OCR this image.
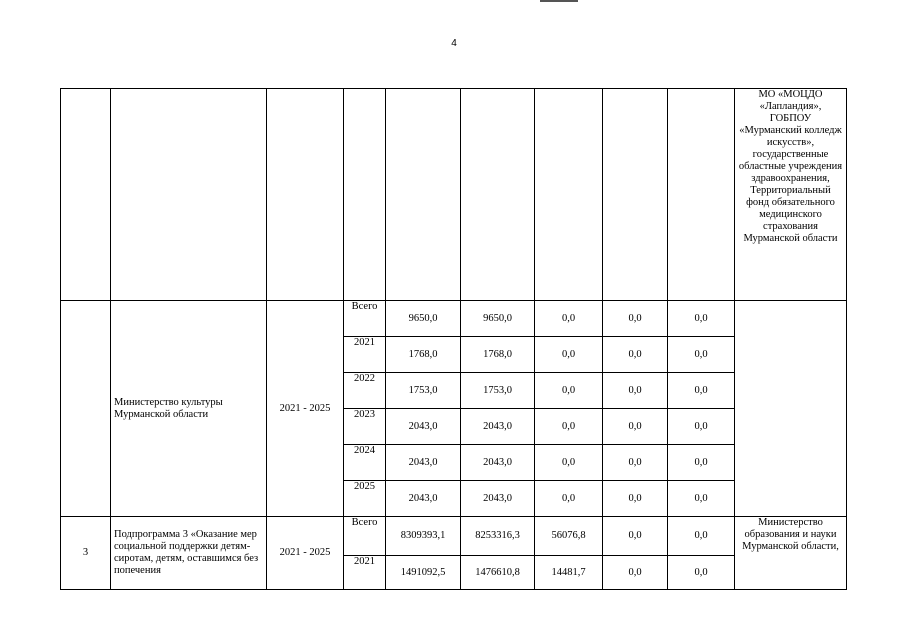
4
									МО «МОЦДО «Лапландия», ГОБПОУ «Мурманский колледж искусств», государственные областные учреждения здравоохранения, Территориальный фонд обязательного медицинского страхования Мурманской области
	Министерство культуры Мурманской области	2021 - 2025	Всего	9650,0	9650,0	0,0	0,0	0,0	
			2021	1768,0	1768,0	0,0	0,0	0,0	
			2022	1753,0	1753,0	0,0	0,0	0,0	
			2023	2043,0	2043,0	0,0	0,0	0,0	
			2024	2043,0	2043,0	0,0	0,0	0,0	
			2025	2043,0	2043,0	0,0	0,0	0,0	
3	Подпрограмма 3 «Оказание мер социальной поддержки детям-сиротам, детям, оставшимся без попечения	2021 - 2025	Всего	8309393,1	8253316,3	56076,8	0,0	0,0	Министерство образования и науки Мурманской области,
			2021	1491092,5	1476610,8	14481,7	0,0	0,0	
